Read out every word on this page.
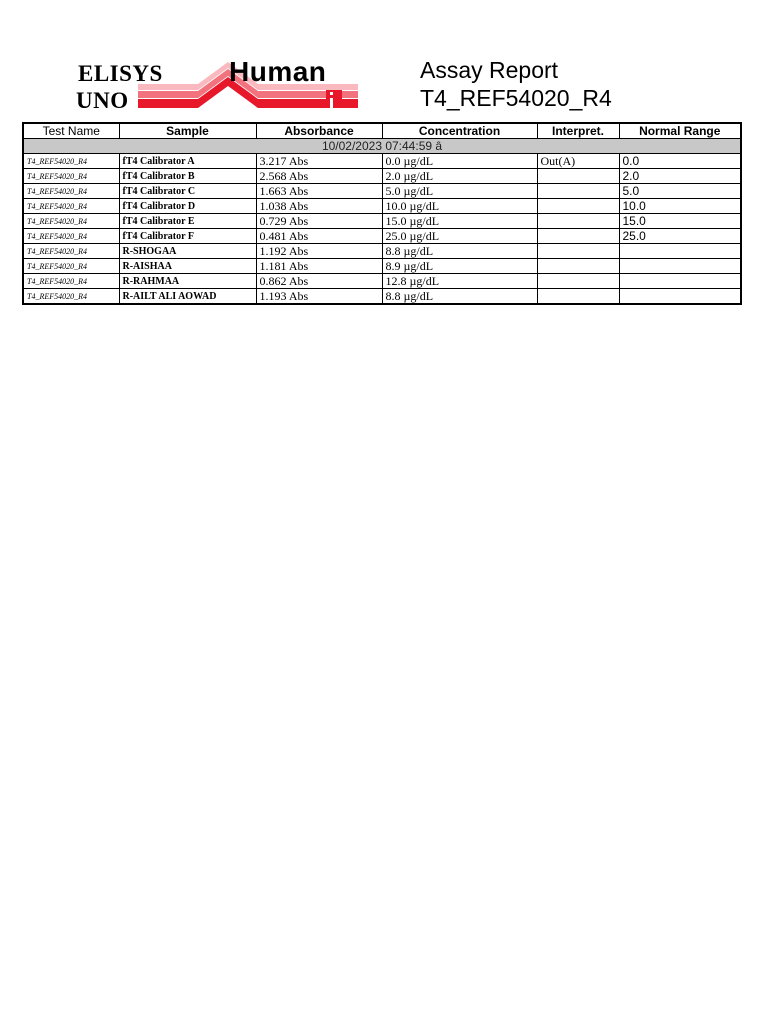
ELISYS
UNO
Human	Assay Report
T4_REF54020_R4
Test Name	Sample	Absorbance	Concentration	Interpret.	Normal Range
10/02/2023 07:44:59 â					
T4_REF54020_R4	fT4 Calibrator A	3.217 Abs	0.0 µg/dL	Out(A)	0.0
T4_REF54020_R4	fT4 Calibrator B	2.568 Abs	2.0 µg/dL		2.0
T4_REF54020_R4	fT4 Calibrator C	1.663 Abs	5.0 µg/dL		5.0
T4_REF54020_R4	fT4 Calibrator D	1.038 Abs	10.0 µg/dL		10.0
T4_REF54020_R4	fT4 Calibrator E	0.729 Abs	15.0 µg/dL		15.0
T4_REF54020_R4	fT4 Calibrator F	0.481 Abs	25.0 µg/dL		25.0
T4_REF54020_R4	R-SHOGAA	1.192 Abs	8.8 µg/dL		
T4_REF54020_R4	R-AISHAA	1.181 Abs	8.9 µg/dL		
T4_REF54020_R4	R-RAHMAA	0.862 Abs	12.8 µg/dL		
T4_REF54020_R4	R-AILT ALI AOWAD	1.193 Abs	8.8 µg/dL		
